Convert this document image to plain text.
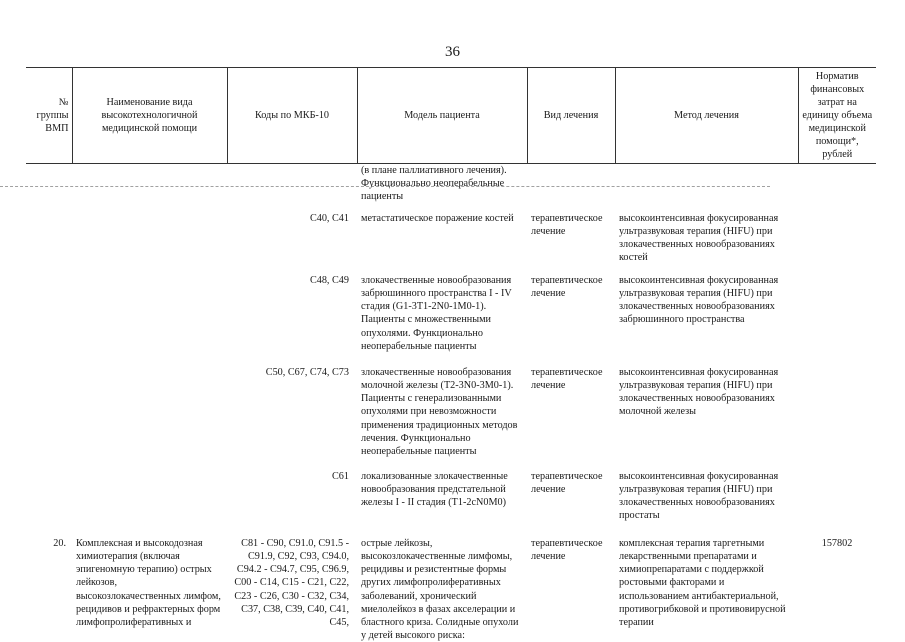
36
№ группы ВМП	Наименование вида высокотехнологичной медицинской помощи	Коды по МКБ-10	Модель пациента	Вид лечения	Метод лечения	Норматив финансовых затрат на единицу объема медицинской помощи*, рублей
			(в плане паллиативного лечения). Функционально неоперабельные пациенты			
		C40, C41	метастатическое поражение костей	терапевтическое лечение	высокоинтенсивная фокусированная ультразвуковая терапия (HIFU) при злокачественных новообразованиях костей	
		C48, C49	злокачественные новообразования забрюшинного пространства I - IV стадия (G1-3T1-2N0-1M0-1). Пациенты с множественными опухолями. Функционально неоперабельные пациенты	терапевтическое лечение	высокоинтенсивная фокусированная ультразвуковая терапия (HIFU) при злокачественных новообразованиях забрюшинного пространства	
		C50, C67, C74, C73	злокачественные новообразования молочной железы (T2-3N0-3M0-1). Пациенты с генерализованными опухолями при невозможности применения традиционных методов лечения. Функционально неоперабельные пациенты	терапевтическое лечение	высокоинтенсивная фокусированная ультразвуковая терапия (HIFU) при злокачественных новообразованиях молочной железы	
		C61	локализованные злокачественные новообразования предстательной железы I - II стадия (T1-2cN0M0)	терапевтическое лечение	высокоинтенсивная фокусированная ультразвуковая терапия (HIFU) при злокачественных новообразованиях простаты	
20.	Комплексная и высокодозная химиотерапия (включая эпигеномную терапию) острых лейкозов, высокозлокачественных лимфом, рецидивов и рефрактерных форм лимфопролиферативных и	C81 - C90, C91.0, C91.5 - C91.9, C92, C93, C94.0, C94.2 - C94.7, C95, C96.9, C00 - C14, C15 - C21, C22, C23 - C26, C30 - C32, C34, C37, C38, C39, C40, C41, C45,	острые лейкозы, высокозлокачественные лимфомы, рецидивы и резистентные формы других лимфопролиферативных заболеваний, хронический миелолейкоз в фазах акселерации и бластного криза. Солидные опухоли у детей высокого риска:	терапевтическое лечение	комплексная терапия таргетными лекарственными препаратами и химиопрепаратами с поддержкой ростовыми факторами и использованием антибактериальной, противогрибковой и противовирусной терапии	157802
